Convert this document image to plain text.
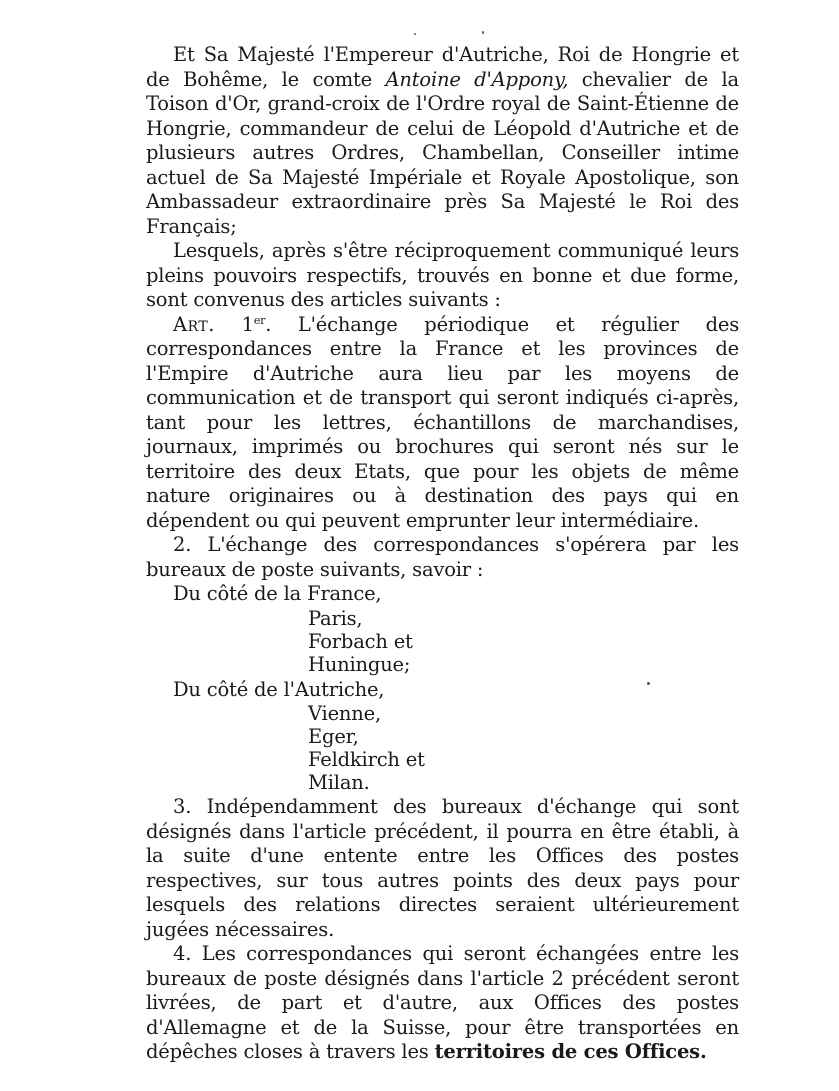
Et Sa Majesté l'Empereur d'Autriche, Roi de Hongrie et de Bohême, le comte Antoine d'Appony, chevalier de la Toison d'Or, grand-croix de l'Ordre royal de Saint-Étienne de Hongrie, commandeur de celui de Léopold d'Autriche et de plusieurs autres Ordres, Chambellan, Conseiller intime actuel de Sa Majesté Impériale et Royale Apostolique, son Ambassadeur extraordinaire près Sa Majesté le Roi des Français;

Lesquels, après s'être réciproquement communiqué leurs pleins pouvoirs respectifs, trouvés en bonne et due forme, sont convenus des articles suivants :

Art. 1er. L'échange périodique et régulier des correspondances entre la France et les provinces de l'Empire d'Autriche aura lieu par les moyens de communication et de transport qui seront indiqués ci-après, tant pour les lettres, échantillons de marchandises, journaux, imprimés ou brochures qui seront nés sur le territoire des deux Etats, que pour les objets de même nature originaires ou à destination des pays qui en dépendent ou qui peuvent emprunter leur intermédiaire.

2. L'échange des correspondances s'opérera par les bureaux de poste suivants, savoir :

Du côté de la France,

Paris,
Forbach et
Huningue;

Du côté de l'Autriche,

Vienne,
Eger,
Feldkirch et
Milan.

3. Indépendamment des bureaux d'échange qui sont désignés dans l'article précédent, il pourra en être établi, à la suite d'une entente entre les Offices des postes respectives, sur tous autres points des deux pays pour lesquels des relations directes seraient ultérieurement jugées nécessaires.

4. Les correspondances qui seront échangées entre les bureaux de poste désignés dans l'article 2 précédent seront livrées, de part et d'autre, aux Offices des postes d'Allemagne et de la Suisse, pour être transportées en dépêches closes à travers les territoires de ces Offices.
